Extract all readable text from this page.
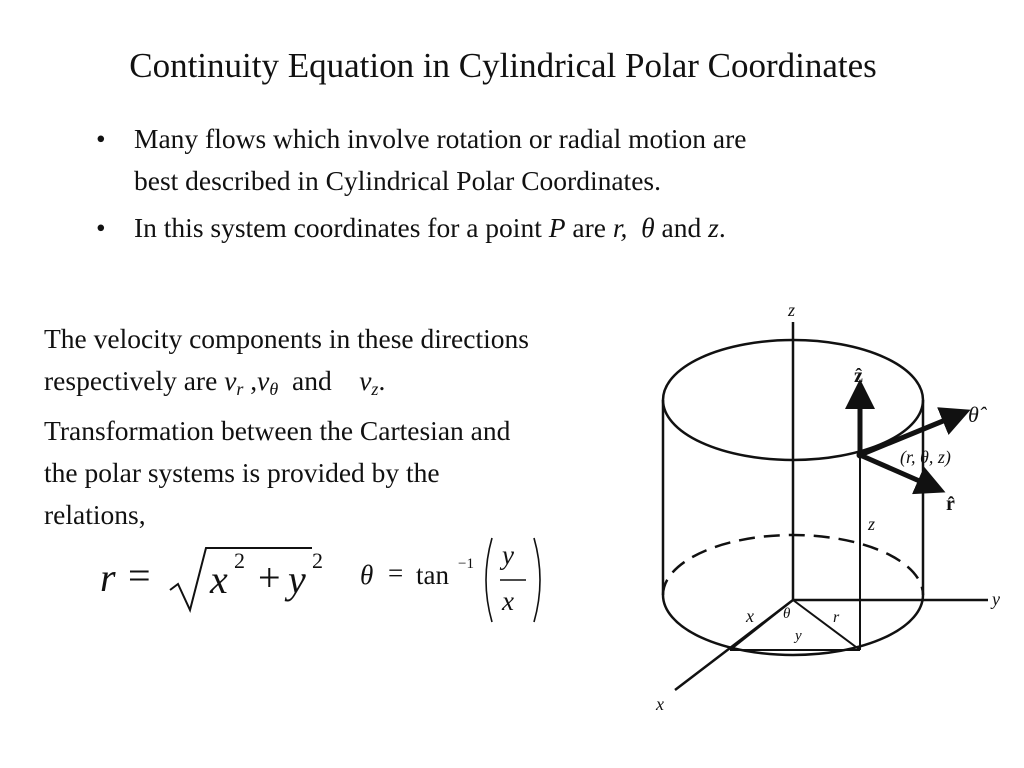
Continuity Equation in Cylindrical Polar Coordinates
• Many flows which involve rotation or radial motion are
best described in Cylindrical Polar Coordinates.
• In this system coordinates for a point P are r, θ and z.
The velocity components in these directions
respectively are $v_r$ $,v_\theta$  and    $v_z$.
Transformation between the Cartesian and
the polar systems is provided by the
relations,
r = x 2 + y 2 θ = tan −1 y
x
z
y
x
ẑ
θ̂
r̂
(r, θ, z)
z
θ	r
x
y
